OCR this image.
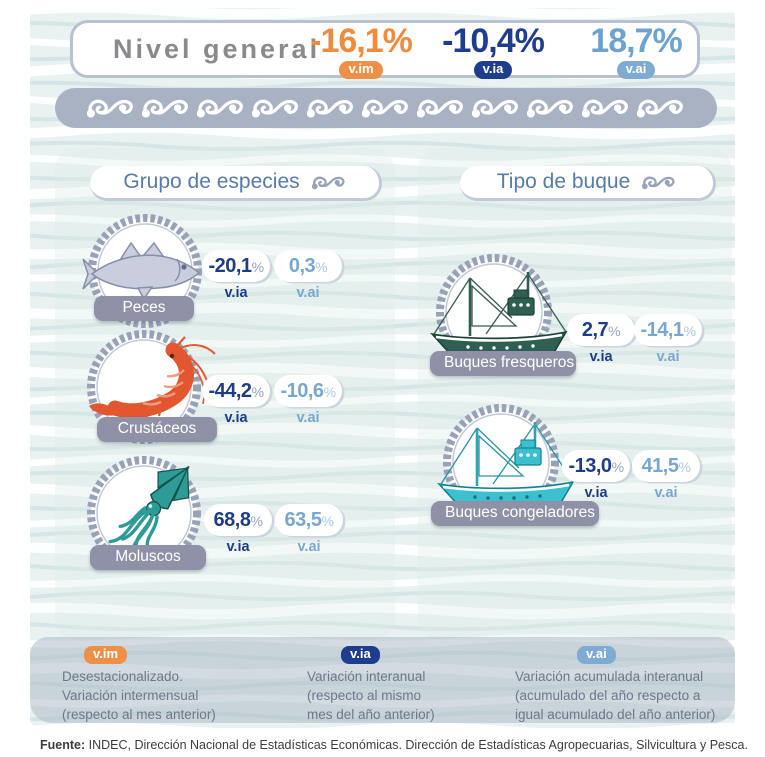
Nivel general
-16,1%
v.im
-10,4%
v.ia
18,7%
v.ai
Grupo de especies	Tipo de buque
Peces
-20,1%
v.ia
0,3%
v.ai
Crustáceos
-44,2%
v.ia
-10,6%
v.ai
Moluscos
68,8%
v.ia
63,5%
v.ai
Buques fresqueros
2,7%
v.ia
-14,1%
v.ai
Buques congeladores
-13,0%
v.ia
41,5%
v.ai
v.im
Desestacionalizado.
Variación intermensual
(respecto al mes anterior)
v.ia
Variación interanual
(respecto al mismo
mes del año anterior)
v.ai
Variación acumulada interanual
(acumulado del año respecto a
igual acumulado del año anterior)
Fuente: INDEC, Dirección Nacional de Estadísticas Económicas. Dirección de Estadísticas Agropecuarias, Silvicultura y Pesca.
